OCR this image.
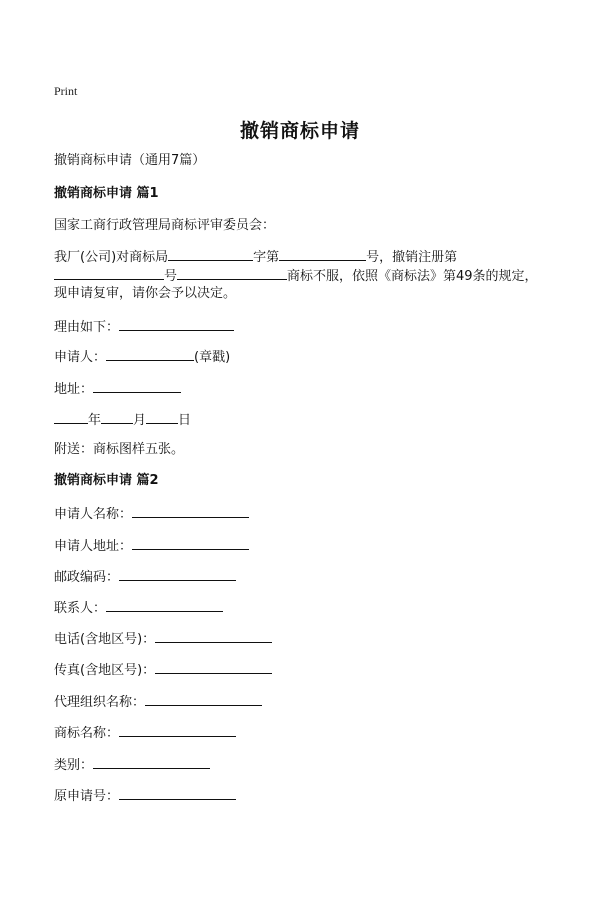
Print
撤销商标申请
撤销商标申请（通用7篇）
撤销商标申请 篇1
国家工商行政管理局商标评审委员会：
我厂(公司)对商标局	字第	号，撤销注册第
号	商标不服，依照《商标法》第49条的规定，
现申请复审，请你会予以决定。
理由如下：
申请人：	(章戳)
地址：
年 月 日
附送：商标图样五张。
撤销商标申请 篇2
申请人名称：
申请人地址：
邮政编码：
联系人：
电话(含地区号)：
传真(含地区号)：
代理组织名称：
商标名称：
类别：
原申请号：
